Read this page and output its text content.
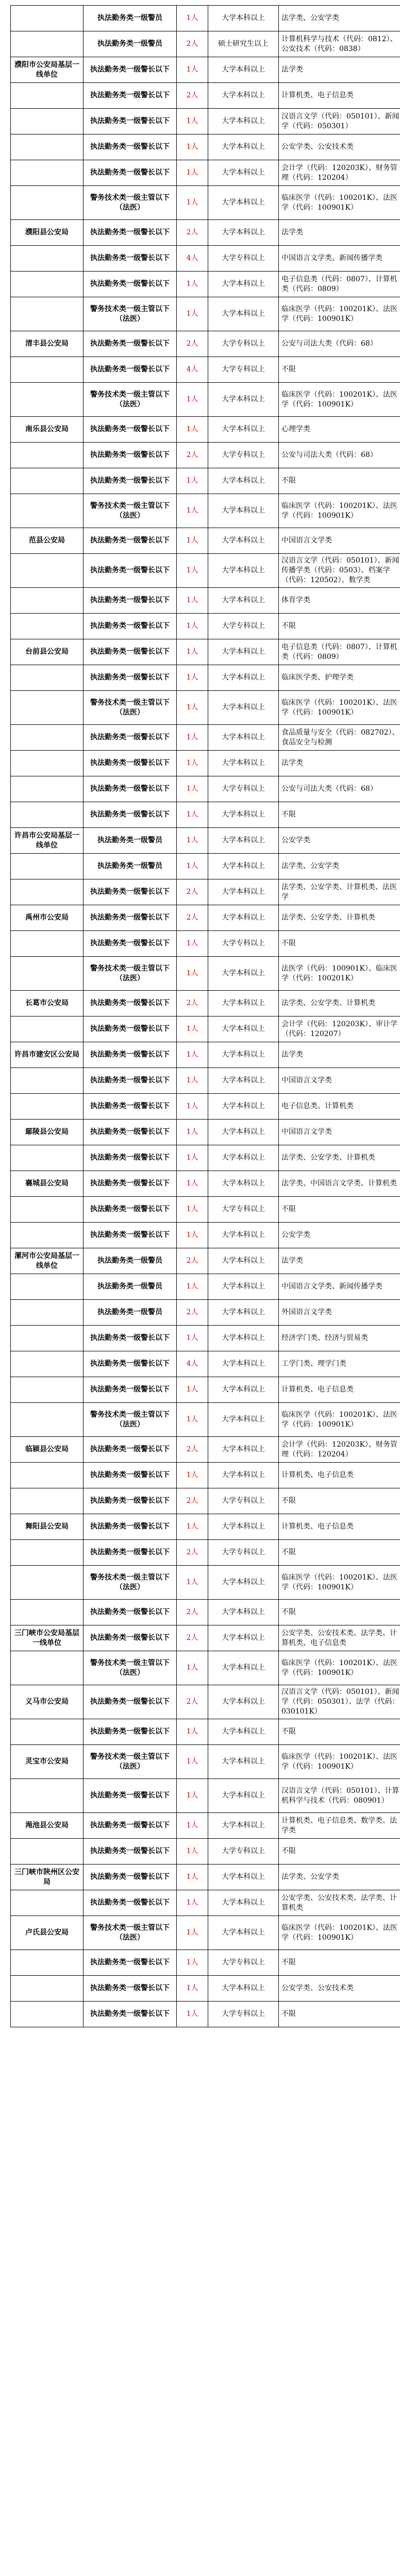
	执法勤务类一级警员	1人	大学本科以上	法学类、公安学类
	执法勤务类一级警员	2人	硕士研究生以上	计算机科学与技术（代码：0812）、公安技术（代码：0838）
濮阳市公安局基层一线单位	执法勤务类一级警长以下	1人	大学本科以上	法学类
	执法勤务类一级警长以下	2人	大学本科以上	计算机类、电子信息类
	执法勤务类一级警长以下	1人	大学本科以上	汉语言文学（代码：050101）、新闻学（代码：050301）
	执法勤务类一级警长以下	1人	大学本科以上	公安学类、公安技术类
	执法勤务类一级警长以下	1人	大学本科以上	会计学（代码：120203K）、财务管理（代码：120204）
	警务技术类一级主管以下（法医）	1人	大学本科以上	临床医学（代码：100201K）、法医学（代码：100901K）
濮阳县公安局	执法勤务类一级警长以下	2人	大学本科以上	法学类
	执法勤务类一级警长以下	4人	大学专科以上	中国语言文学类、新闻传播学类
	执法勤务类一级警长以下	1人	大学本科以上	电子信息类（代码：0807）、计算机类（代码：0809）
	警务技术类一级主管以下（法医）	1人	大学本科以上	临床医学（代码：100201K）、法医学（代码：100901K）
清丰县公安局	执法勤务类一级警长以下	2人	大学专科以上	公安与司法大类（代码：68）
	执法勤务类一级警长以下	4人	大学专科以上	不限
	警务技术类一级主管以下（法医）	1人	大学本科以上	临床医学（代码：100201K）、法医学（代码：100901K）
南乐县公安局	执法勤务类一级警长以下	1人	大学本科以上	心理学类
	执法勤务类一级警长以下	2人	大学专科以上	公安与司法大类（代码：68）
	执法勤务类一级警长以下	1人	大学本科以上	不限
	警务技术类一级主管以下（法医）	1人	大学本科以上	临床医学（代码：100201K）、法医学（代码：100901K）
范县公安局	执法勤务类一级警长以下	1人	大学本科以上	中国语言文学类
	执法勤务类一级警长以下	1人	大学本科以上	汉语言文学（代码：050101）、新闻传播学类（代码：0503）、档案学（代码：120502）、数学类
	执法勤务类一级警长以下	1人	大学本科以上	体育学类
	执法勤务类一级警长以下	1人	大学专科以上	不限
台前县公安局	执法勤务类一级警长以下	1人	大学本科以上	电子信息类（代码：0807）、计算机类（代码：0809）
	执法勤务类一级警长以下	1人	大学本科以上	临床医学类、护理学类
	警务技术类一级主管以下（法医）	1人	大学本科以上	临床医学（代码：100201K）、法医学（代码：100901K）
	执法勤务类一级警长以下	1人	大学本科以上	食品质量与安全（代码：082702）、食品安全与检测
	执法勤务类一级警长以下	1人	大学本科以上	法学类
	执法勤务类一级警长以下	1人	大学专科以上	公安与司法大类（代码：68）
	执法勤务类一级警长以下	1人	大学本科以上	不限
许昌市公安局基层一线单位	执法勤务类一级警员	1人	大学本科以上	公安学类
	执法勤务类一级警员	1人	大学本科以上	法学类、公安学类
	执法勤务类一级警长以下	2人	大学本科以上	法学类、公安学类、计算机类、法医学
禹州市公安局	执法勤务类一级警长以下	2人	大学本科以上	法学类、公安学类、计算机类
	执法勤务类一级警长以下	1人	大学专科以上	不限
	警务技术类一级主管以下（法医）	1人	大学本科以上	法医学（代码：100901K）、临床医学（代码：100201K）
长葛市公安局	执法勤务类一级警长以下	2人	大学本科以上	法学类、公安学类、计算机类
	执法勤务类一级警长以下	1人	大学本科以上	会计学（代码：120203K）、审计学（代码：120207）
许昌市建安区公安局	执法勤务类一级警长以下	1人	大学本科以上	法学类
	执法勤务类一级警长以下	1人	大学本科以上	中国语言文学类
	执法勤务类一级警长以下	1人	大学本科以上	电子信息类、计算机类
鄢陵县公安局	执法勤务类一级警长以下	1人	大学本科以上	中国语言文学类
	执法勤务类一级警长以下	1人	大学本科以上	法学类、公安学类、计算机类
襄城县公安局	执法勤务类一级警长以下	1人	大学本科以上	法学类、中国语言文学类、计算机类
	执法勤务类一级警长以下	1人	大学专科以上	不限
	执法勤务类一级警长以下	1人	大学本科以上	公安学类
漯河市公安局基层一线单位	执法勤务类一级警员	2人	大学本科以上	法学类
	执法勤务类一级警员	1人	大学本科以上	中国语言文学类、新闻传播学类
	执法勤务类一级警员	2人	大学本科以上	外国语言文学类
	执法勤务类一级警长以下	1人	大学本科以上	经济学门类、经济与贸易类
	执法勤务类一级警长以下	4人	大学本科以上	工学门类、理学门类
	执法勤务类一级警长以下	1人	大学本科以上	计算机类、电子信息类
	警务技术类一级主管以下（法医）	1人	大学本科以上	临床医学（代码：100201K）、法医学（代码：100901K）
临颍县公安局	执法勤务类一级警长以下	2人	大学本科以上	会计学（代码：120203K）、财务管理（代码：120204）
	执法勤务类一级警长以下	1人	大学本科以上	计算机类、电子信息类
	执法勤务类一级警长以下	2人	大学专科以上	不限
舞阳县公安局	执法勤务类一级警长以下	1人	大学本科以上	计算机类、电子信息类
	执法勤务类一级警长以下	2人	大学专科以上	不限
	警务技术类一级主管以下（法医）	1人	大学本科以上	临床医学（代码：100201K）、法医学（代码：100901K）
	执法勤务类一级警长以下	2人	大学本科以上	不限
三门峡市公安局基层一线单位	执法勤务类一级警长以下	2人	大学本科以上	公安学类、公安技术类、法学类、计算机类、电子信息类
	警务技术类一级主管以下（法医）	1人	大学本科以上	临床医学（代码：100201K）、法医学（代码：100901K）
义马市公安局	执法勤务类一级警长以下	2人	大学本科以上	汉语言文学（代码：050101）、新闻学（代码：050301）、法学（代码：030101K）
	执法勤务类一级警长以下	1人	大学本科以上	不限
灵宝市公安局	警务技术类一级主管以下（法医）	1人	大学本科以上	临床医学（代码：100201K）、法医学（代码：100901K）
	执法勤务类一级警长以下	1人	大学本科以上	汉语言文学（代码：050101）、计算机科学与技术（代码：080901）
渑池县公安局	执法勤务类一级警长以下	1人	大学本科以上	计算机类、电子信息类、数学类、法学类
	执法勤务类一级警长以下	1人	大学专科以上	不限
三门峡市陕州区公安局	执法勤务类一级警长以下	1人	大学本科以上	法学类、公安学类
	执法勤务类一级警长以下	1人	大学本科以上	公安学类、公安技术类、法学类、计算机类
卢氏县公安局	警务技术类一级主管以下（法医）	1人	大学本科以上	临床医学（代码：100201K）、法医学（代码：100901K）
	执法勤务类一级警长以下	1人	大学专科以上	不限
	执法勤务类一级警长以下	1人	大学本科以上	公安学类、公安技术类
	执法勤务类一级警长以下	1人	大学专科以上	不限
